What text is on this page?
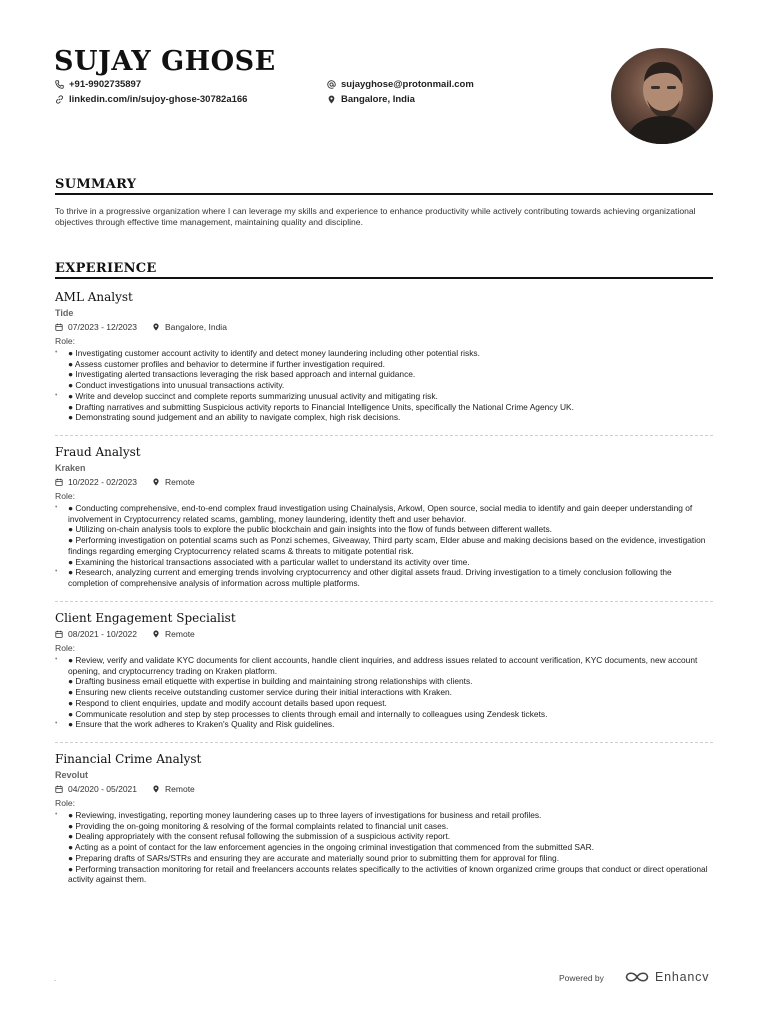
SUJAY GHOSE
+91-9902735897
linkedin.com/in/sujoy-ghose-30782a166
sujayghose@protonmail.com
Bangalore, India
SUMMARY
To thrive in a progressive organization where I can leverage my skills and experience to enhance productivity while actively contributing towards achieving organizational objectives through effective time management, maintaining quality and discipline.
EXPERIENCE
AML Analyst
Tide
07/2023 - 12/2023	Bangalore, India
Role:
• ● Investigating customer account activity to identify and detect money laundering including other potential risks.
● Assess customer profiles and behavior to determine if further investigation required.
● Investigating alerted transactions leveraging the risk based approach and internal guidance.
● Conduct investigations into unusual transactions activity.
• ● Write and develop succinct and complete reports summarizing unusual activity and mitigating risk.
● Drafting narratives and submitting Suspicious activity reports to Financial Intelligence Units, specifically the National Crime Agency UK.
● Demonstrating sound judgement and an ability to navigate complex, high risk decisions.
Fraud Analyst
Kraken
10/2022 - 02/2023	Remote
Role:
• ● Conducting comprehensive, end-to-end complex fraud investigation using Chainalysis, Arkowl, Open source, social media to identify and gain deeper understanding of involvement in Cryptocurrency related scams, gambling, money laundering, identity theft and user behavior.
● Utilizing on-chain analysis tools to explore the public blockchain and gain insights into the flow of funds between different wallets.
● Performing investigation on potential scams such as Ponzi schemes, Giveaway, Third party scam, Elder abuse and making decisions based on the evidence, investigation findings regarding emerging Cryptocurrency related scams & threats to mitigate potential risk.
● Examining the historical transactions associated with a particular wallet to understand its activity over time.
• ● Research, analyzing current and emerging trends involving cryptocurrency and other digital assets fraud. Driving investigation to a timely conclusion following the completion of comprehensive analysis of information across multiple platforms.
Client Engagement Specialist
08/2021 - 10/2022	Remote
Role:
• ● Review, verify and validate KYC documents for client accounts, handle client inquiries, and address issues related to account verification, KYC documents, new account opening, and cryptocurrency trading on Kraken platform.
● Drafting business email etiquette with expertise in building and maintaining strong relationships with clients.
● Ensuring new clients receive outstanding customer service during their initial interactions with Kraken.
● Respond to client enquiries, update and modify account details based upon request.
● Communicate resolution and step by step processes to clients through email and internally to colleagues using Zendesk tickets.
• ● Ensure that the work adheres to Kraken's Quality and Risk guidelines.
Financial Crime Analyst
Revolut
04/2020 - 05/2021	Remote
Role:
• ● Reviewing, investigating, reporting money laundering cases up to three layers of investigations for business and retail profiles.
● Providing the on-going monitoring & resolving of the formal complaints related to financial unit cases.
● Dealing appropriately with the consent refusal following the submission of a suspicious activity report.
● Acting as a point of contact for the law enforcement agencies in the ongoing criminal investigation that commenced from the submitted SAR.
● Preparing drafts of SARs/STRs and ensuring they are accurate and materially sound prior to submitting them for approval for filing.
● Performing transaction monitoring for retail and freelancers accounts relates specifically to the activities of known organized crime groups that conduct or direct operational activity against them.
.	Powered by	Enhancv
